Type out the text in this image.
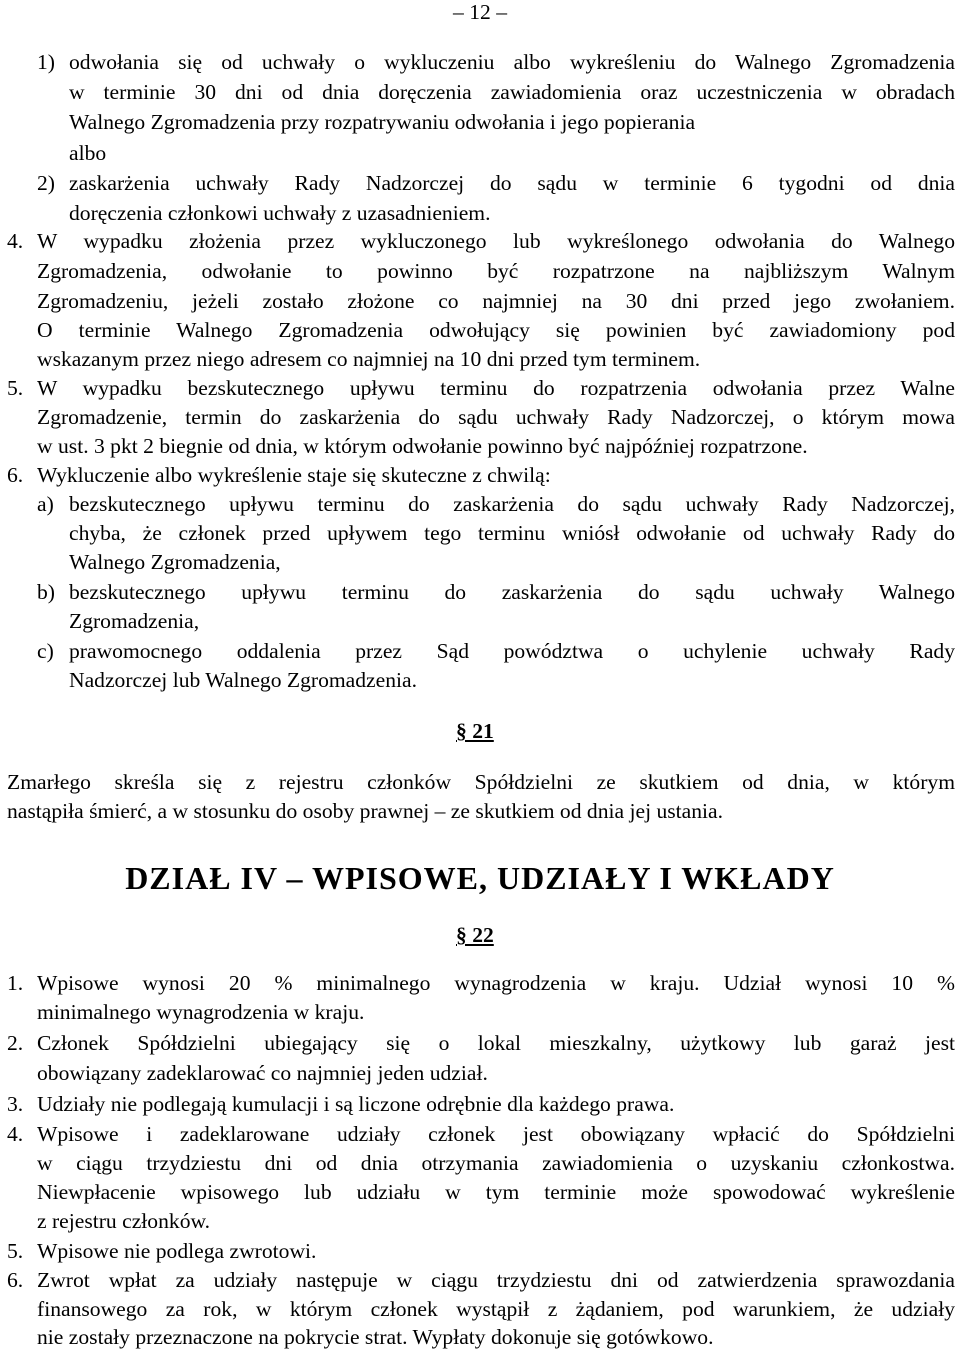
– 12 –
1) odwołania się od uchwały o wykluczeniu albo wykreśleniu do Walnego Zgromadzenia
w terminie 30 dni od dnia doręczenia zawiadomienia oraz uczestniczenia w obradach
Walnego Zgromadzenia przy rozpatrywaniu odwołania i jego popierania
albo
2) zaskarżenia uchwały Rady Nadzorczej do sądu w terminie 6 tygodni od dnia
doręczenia członkowi uchwały z uzasadnieniem.
4. W wypadku złożenia przez wykluczonego lub wykreślonego odwołania do Walnego
Zgromadzenia, odwołanie to powinno być rozpatrzone na najbliższym Walnym
Zgromadzeniu, jeżeli zostało złożone co najmniej na 30 dni przed jego zwołaniem.
O terminie Walnego Zgromadzenia odwołujący się powinien być zawiadomiony pod
wskazanym przez niego adresem co najmniej na 10 dni przed tym terminem.
5. W wypadku bezskutecznego upływu terminu do rozpatrzenia odwołania przez Walne
Zgromadzenie, termin do zaskarżenia do sądu uchwały Rady Nadzorczej, o którym mowa
w ust. 3 pkt 2 biegnie od dnia, w którym odwołanie powinno być najpóźniej rozpatrzone.
6. Wykluczenie albo wykreślenie staje się skuteczne z chwilą:
a) bezskutecznego upływu terminu do zaskarżenia do sądu uchwały Rady Nadzorczej,
chyba, że członek przed upływem tego terminu wniósł odwołanie od uchwały Rady do
Walnego Zgromadzenia,
b) bezskutecznego upływu terminu do zaskarżenia do sądu uchwały Walnego
Zgromadzenia,
c) prawomocnego oddalenia przez Sąd powództwa o uchylenie uchwały Rady
Nadzorczej lub Walnego Zgromadzenia.
§ 21
Zmarłego skreśla się z rejestru członków Spółdzielni ze skutkiem od dnia, w którym
nastąpiła śmierć, a w stosunku do osoby prawnej – ze skutkiem od dnia jej ustania.
DZIAŁ IV – WPISOWE, UDZIAŁY I WKŁADY
§ 22
1. Wpisowe wynosi 20 % minimalnego wynagrodzenia w kraju. Udział wynosi 10 %
minimalnego wynagrodzenia w kraju.
2. Członek Spółdzielni ubiegający się o lokal mieszkalny, użytkowy lub garaż jest
obowiązany zadeklarować co najmniej jeden udział.
3. Udziały nie podlegają kumulacji i są liczone odrębnie dla każdego prawa.
4. Wpisowe i zadeklarowane udziały członek jest obowiązany wpłacić do Spółdzielni
w ciągu trzydziestu dni od dnia otrzymania zawiadomienia o uzyskaniu członkostwa.
Niewpłacenie wpisowego lub udziału w tym terminie może spowodować wykreślenie
z rejestru członków.
5. Wpisowe nie podlega zwrotowi.
6. Zwrot wpłat za udziały następuje w ciągu trzydziestu dni od zatwierdzenia sprawozdania
finansowego za rok, w którym członek wystąpił z żądaniem, pod warunkiem, że udziały
nie zostały przeznaczone na pokrycie strat. Wypłaty dokonuje się gotówkowo.
